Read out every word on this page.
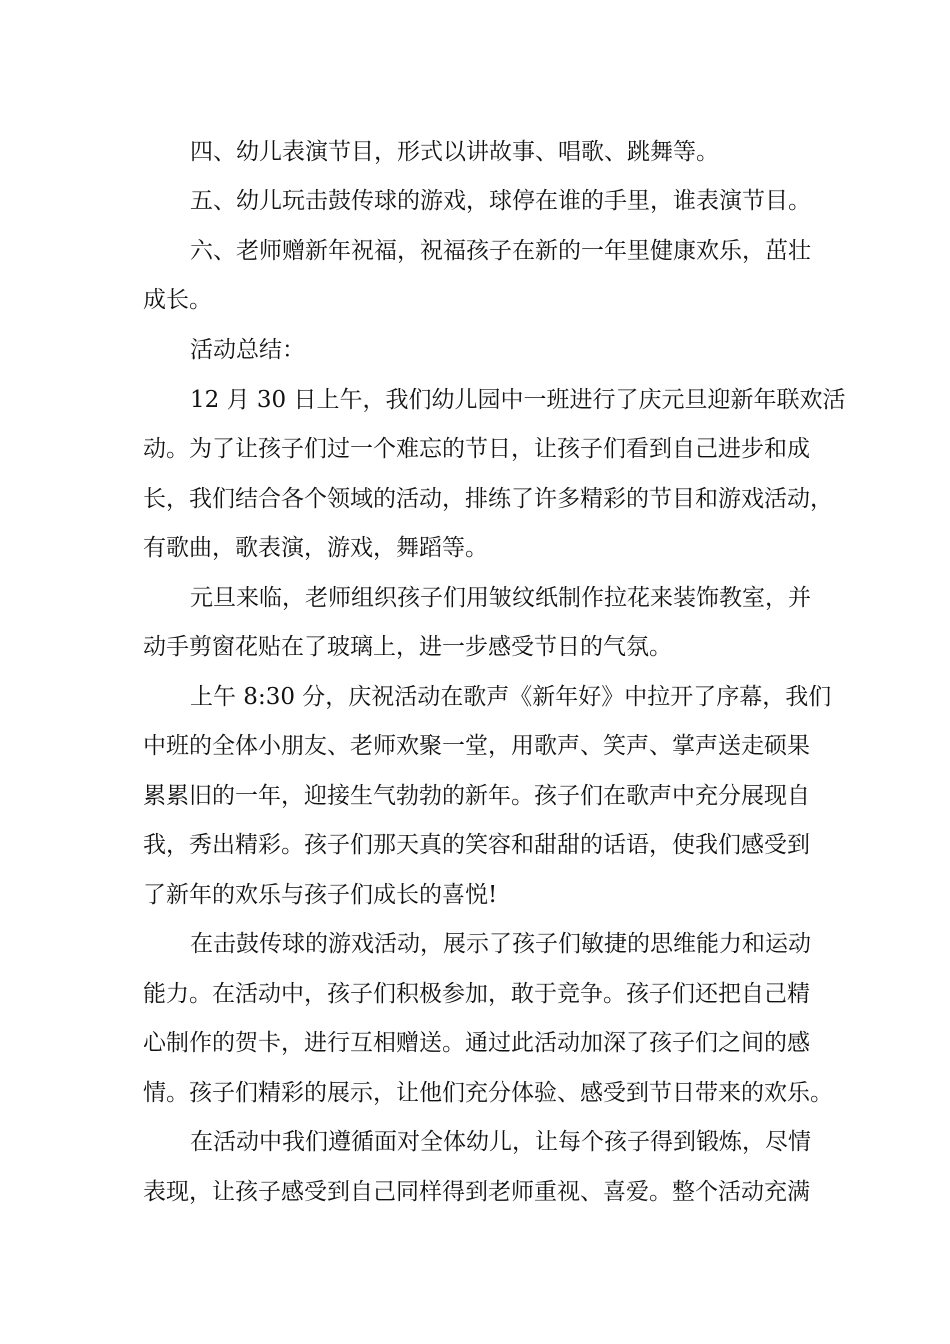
四、幼儿表演节目，形式以讲故事、唱歌、跳舞等。
五、幼儿玩击鼓传球的游戏，球停在谁的手里，谁表演节目。
六、老师赠新年祝福，祝福孩子在新的一年里健康欢乐，茁壮
成长。
活动总结：
12 月 30 日上午，我们幼儿园中一班进行了庆元旦迎新年联欢活
动。为了让孩子们过一个难忘的节日，让孩子们看到自己进步和成
长，我们结合各个领域的活动，排练了许多精彩的节目和游戏活动，
有歌曲，歌表演，游戏，舞蹈等。
元旦来临，老师组织孩子们用皱纹纸制作拉花来装饰教室，并
动手剪窗花贴在了玻璃上，进一步感受节日的气氛。
上午 8:30 分，庆祝活动在歌声《新年好》中拉开了序幕，我们
中班的全体小朋友、老师欢聚一堂，用歌声、笑声、掌声送走硕果
累累旧的一年，迎接生气勃勃的新年。孩子们在歌声中充分展现自
我，秀出精彩。孩子们那天真的笑容和甜甜的话语，使我们感受到
了新年的欢乐与孩子们成长的喜悦!
在击鼓传球的游戏活动，展示了孩子们敏捷的思维能力和运动
能力。在活动中，孩子们积极参加，敢于竞争。孩子们还把自己精
心制作的贺卡，进行互相赠送。通过此活动加深了孩子们之间的感
情。孩子们精彩的展示，让他们充分体验、感受到节日带来的欢乐。
在活动中我们遵循面对全体幼儿，让每个孩子得到锻炼，尽情
表现，让孩子感受到自己同样得到老师重视、喜爱。整个活动充满
